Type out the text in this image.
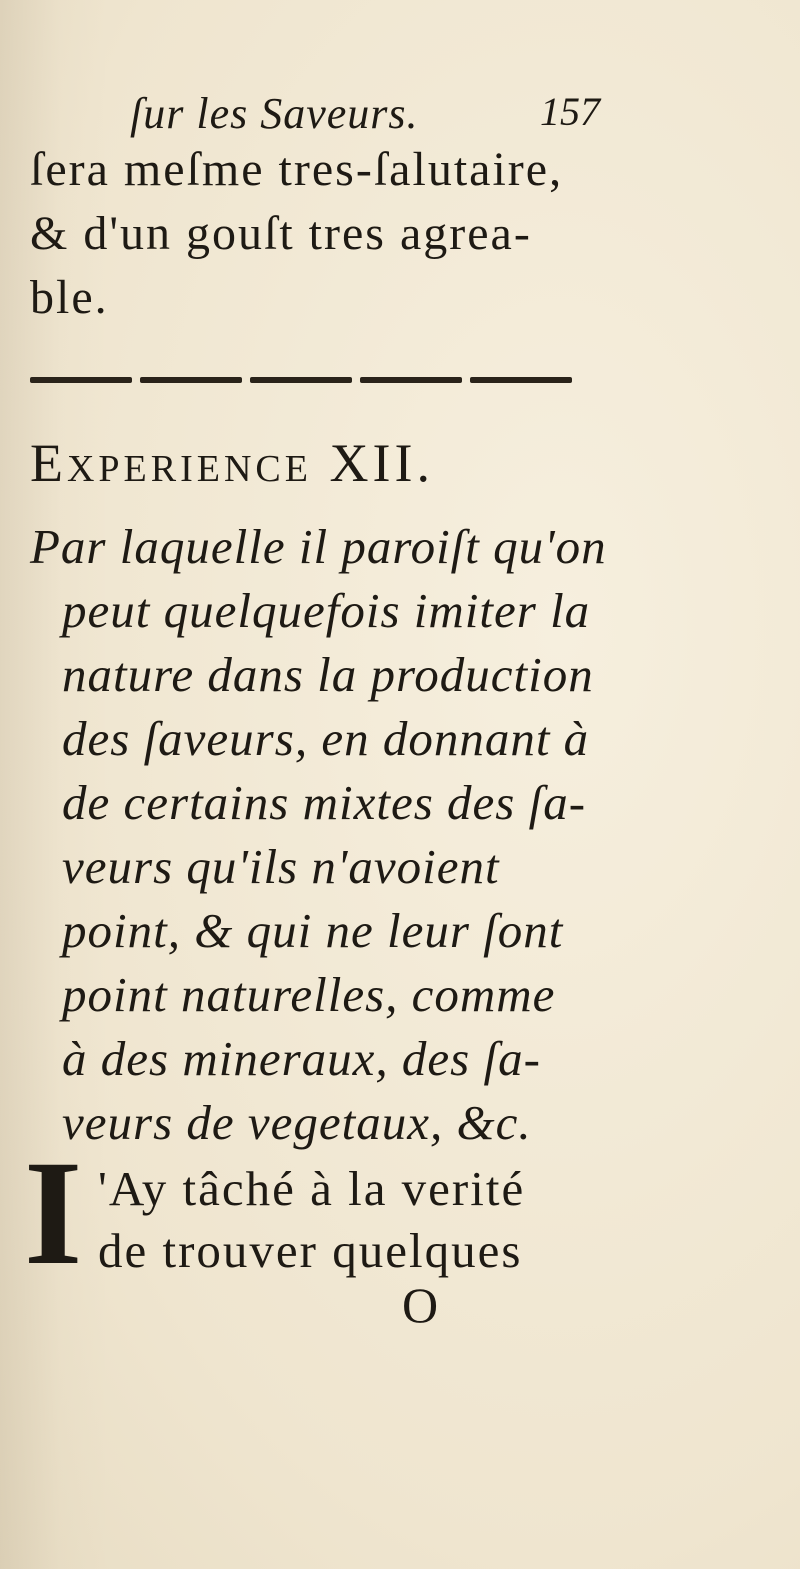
ſur les Saveurs.	157
ſera meſme tres-ſalutaire,
& d'un gouſt tres agrea-
ble.
Experience XII.
Par laquelle il paroiſt qu'on
peut quelquefois imiter la
nature dans la production
des ſaveurs, en donnant à
de certains mixtes des ſa-
veurs qu'ils n'avoient
point, & qui ne leur ſont
point naturelles, comme
à des mineraux, des ſa-
veurs de vegetaux, &c.
I 'Ay tâché à la verité
de trouver quelques
O
